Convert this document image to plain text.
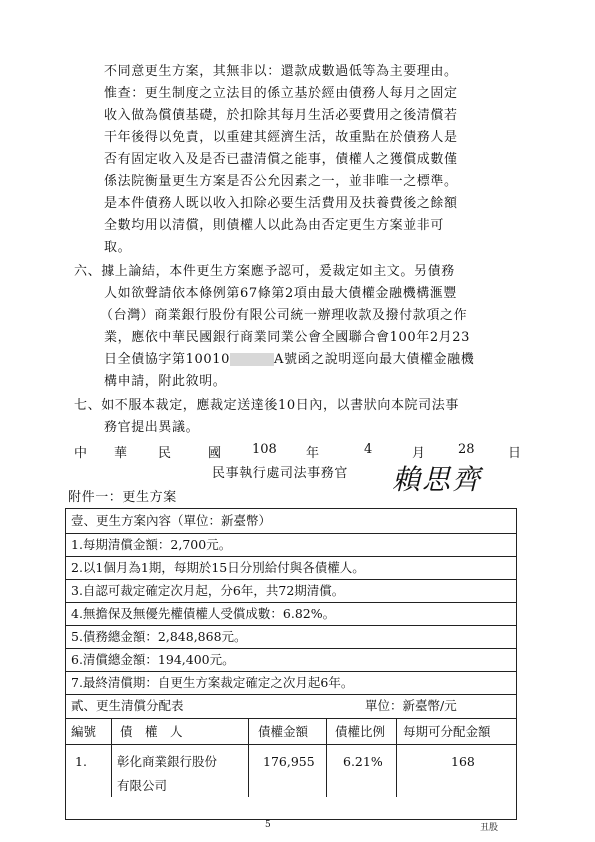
不同意更生方案，其無非以：還款成數過低等為主要理由。
惟查：更生制度之立法目的係立基於經由債務人每月之固定
收入做為償債基礎，於扣除其每月生活必要費用之後清償若
干年後得以免責，以重建其經濟生活，故重點在於債務人是
否有固定收入及是否已盡清償之能事，債權人之獲償成數僅
係法院衡量更生方案是否公允因素之一，並非唯一之標準。
是本件債務人既以收入扣除必要生活費用及扶養費後之餘額
全數均用以清償，則債權人以此為由否定更生方案並非可
取。
六、據上論結，本件更生方案應予認可，爰裁定如主文。另債務
人如欲聲請依本條例第67條第2項由最大債權金融機構滙豐
（台灣）商業銀行股份有限公司統一辦理收款及撥付款項之作
業，應依中華民國銀行商業同業公會全國聯合會100年2月23
日全債協字第10010	A號函之說明逕向最大債權金融機
構申請，附此敘明。
七、如不服本裁定，應裁定送達後10日內，以書狀向本院司法事
務官提出異議。
中 華 民	國 108 年	4	月	28	日
民事執行處司法事務官 賴思齊
附件一：更生方案
壹、更生方案內容（單位：新臺幣）
1.每期清償金額：2,700元。
2.以1個月為1期，每期於15日分別給付與各債權人。
3.自認可裁定確定次月起，分6年，共72期清償。
4.無擔保及無優先權債權人受償成數：6.82%。
5.債務總金額：2,848,868元。
6.清償總金額：194,400元。
7.最終清償期：自更生方案裁定確定之次月起6年。
貳、更生清償分配表	單位：新臺幣/元
編號 債　權　人	債權金額 債權比例 每期可分配金額
1. 彰化商業銀行股份
有限公司
176,955 6.21%	168
5	丑股
